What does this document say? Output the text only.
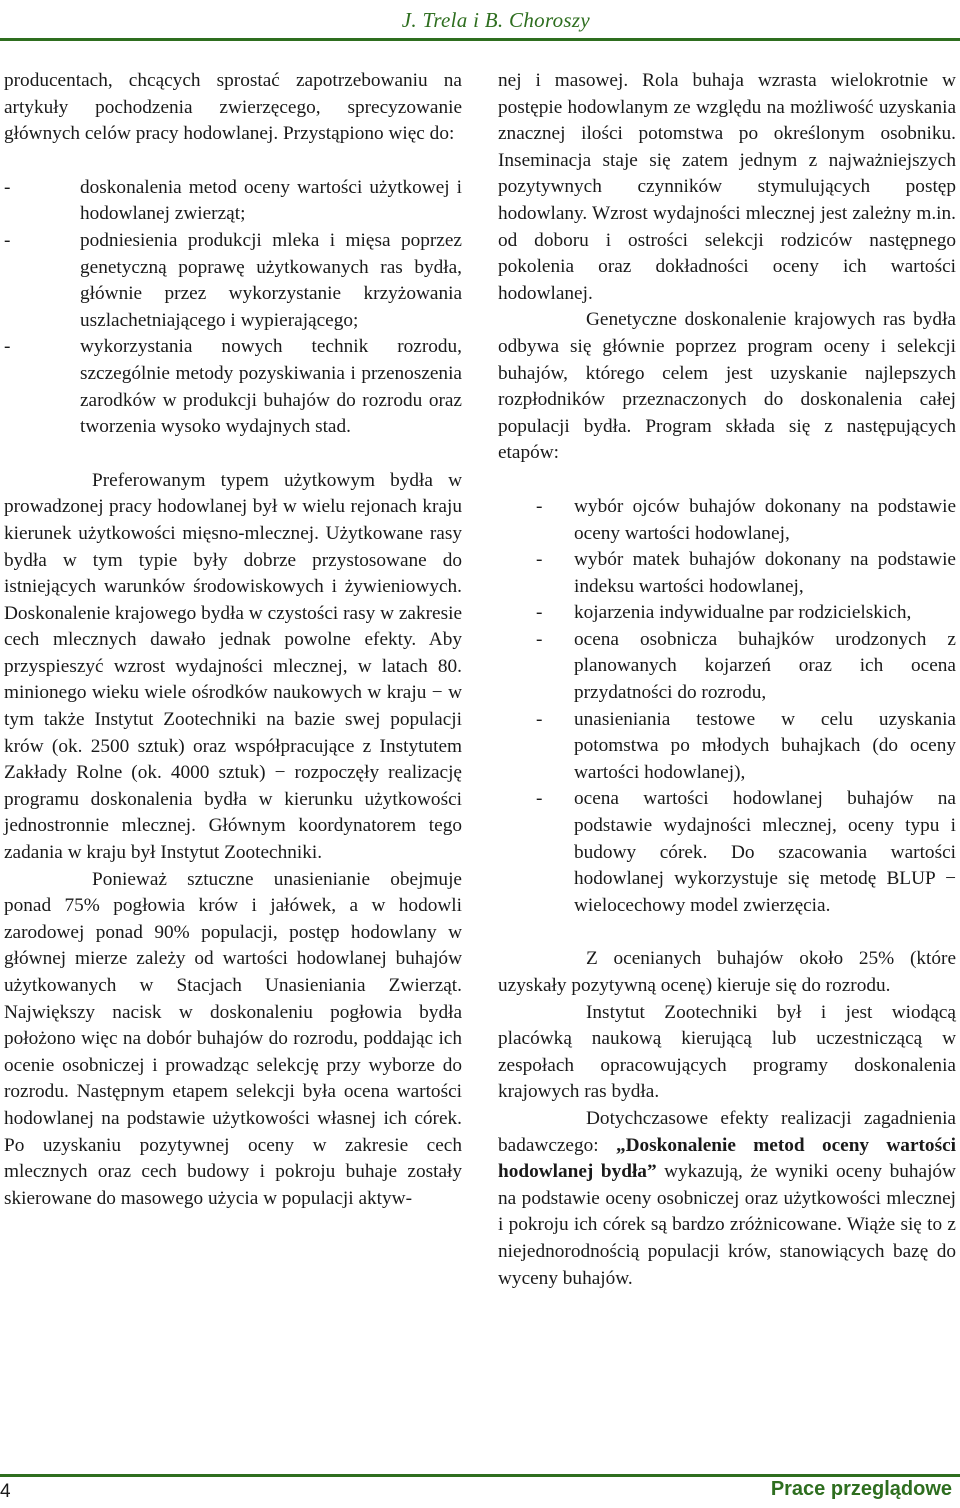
J. Trela i B. Choroszy

producentach, chcących sprostać zapotrzebowaniu na artykuły pochodzenia zwierzęcego, sprecyzowanie głównych celów pracy hodowlanej. Przystąpiono więc do:

- doskonalenia metod oceny wartości użytkowej i hodowlanej zwierząt;

- podniesienia produkcji mleka i mięsa poprzez genetyczną poprawę użytkowanych ras bydła, głównie przez wykorzystanie krzyżowania uszlachetniającego i wypierającego;

- wykorzystania nowych technik rozrodu, szczególnie metody pozyskiwania i przenoszenia zarodków w produkcji buhajów do rozrodu oraz tworzenia wysoko wydajnych stad.

Preferowanym typem użytkowym bydła w prowadzonej pracy hodowlanej był w wielu rejonach kraju kierunek użytkowości mięsno-mlecznej. Użytkowane rasy bydła w tym typie były dobrze przystosowane do istniejących warunków środowiskowych i żywieniowych. Doskonalenie krajowego bydła w czystości rasy w zakresie cech mlecznych dawało jednak powolne efekty. Aby przyspieszyć wzrost wydajności mlecznej, w latach 80. minionego wieku wiele ośrodków naukowych w kraju − w tym także Instytut Zootechniki na bazie swej populacji krów (ok. 2500 sztuk) oraz współpracujące z Instytutem Zakłady Rolne (ok. 4000 sztuk) − rozpoczęły realizację programu doskonalenia bydła w kierunku użytkowości jednostronnie mlecznej. Głównym koordynatorem tego zadania w kraju był Instytut Zootechniki.

Ponieważ sztuczne unasienianie obejmuje ponad 75% pogłowia krów i jałówek, a w hodowli zarodowej ponad 90% populacji, postęp hodowlany w głównej mierze zależy od wartości hodowlanej buhajów użytkowanych w Stacjach Unasieniania Zwierząt. Największy nacisk w doskonaleniu pogłowia bydła położono więc na dobór buhajów do rozrodu, poddając ich ocenie osobniczej i prowadząc selekcję przy wyborze do rozrodu. Następnym etapem selekcji była ocena wartości hodowlanej na podstawie użytkowości własnej ich córek. Po uzyskaniu pozytywnej oceny w zakresie cech mlecznych oraz cech budowy i pokroju buhaje zostały skierowane do masowego użycia w populacji aktyw-

nej i masowej. Rola buhaja wzrasta wielokrotnie w postępie hodowlanym ze względu na możliwość uzyskania znacznej ilości potomstwa po określonym osobniku. Inseminacja staje się zatem jednym z najważniejszych pozytywnych czynników stymulujących postęp hodowlany. Wzrost wydajności mlecznej jest zależny m.in. od doboru i ostrości selekcji rodziców następnego pokolenia oraz dokładności oceny ich wartości hodowlanej.

Genetyczne doskonalenie krajowych ras bydła odbywa się głównie poprzez program oceny i selekcji buhajów, którego celem jest uzyskanie najlepszych rozpłodników przeznaczonych do doskonalenia całej populacji bydła. Program składa się z następujących etapów:

- wybór ojców buhajów dokonany na podstawie oceny wartości hodowlanej,

- wybór matek buhajów dokonany na podstawie indeksu wartości hodowlanej,

- kojarzenia indywidualne par rodzicielskich,

- ocena osobnicza buhajków urodzonych z planowanych kojarzeń oraz ich ocena przydatności do rozrodu,

- unasieniania testowe w celu uzyskania potomstwa po młodych buhajkach (do oceny wartości hodowlanej),

- ocena wartości hodowlanej buhajów na podstawie wydajności mlecznej, oceny typu i budowy córek. Do szacowania wartości hodowlanej wykorzystuje się metodę BLUP − wielocechowy model zwierzęcia.

Z ocenianych buhajów około 25% (które uzyskały pozytywną ocenę) kieruje się do rozrodu.

Instytut Zootechniki był i jest wiodącą placówką naukową kierującą lub uczestniczącą w zespołach opracowujących programy doskonalenia krajowych ras bydła.

Dotychczasowe efekty realizacji zagadnienia badawczego: „Doskonalenie metod oceny wartości hodowlanej bydła” wykazują, że wyniki oceny buhajów na podstawie oceny osobniczej oraz użytkowości mlecznej i pokroju ich córek są bardzo zróżnicowane. Wiąże się to z niejednorodnością populacji krów, stanowiących bazę do wyceny buhajów.

4	Prace przeglądowe
